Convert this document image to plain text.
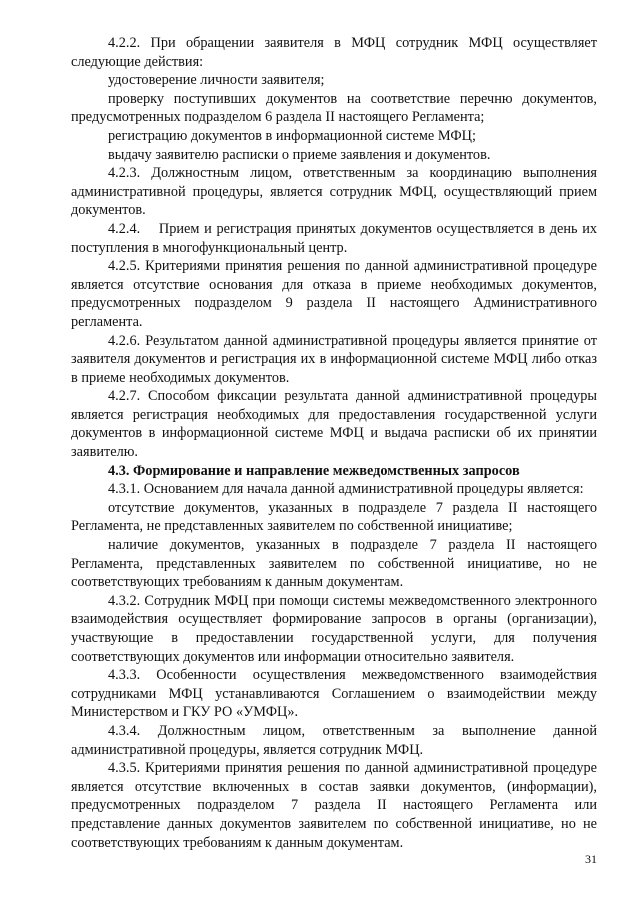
4.2.2. При обращении заявителя в МФЦ сотрудник МФЦ осуществляет следующие действия:

удостоверение личности заявителя;

проверку поступивших документов на соответствие перечню документов, предусмотренных подразделом 6 раздела II настоящего Регламента;

регистрацию документов в информационной системе МФЦ;

выдачу заявителю расписки о приеме заявления и документов.

4.2.3. Должностным лицом, ответственным за координацию выполнения административной процедуры, является сотрудник МФЦ, осуществляющий прием документов.

4.2.4.    Прием и регистрация принятых документов осуществляется в день их поступления в многофункциональный центр.

4.2.5. Критериями принятия решения по данной административной процедуре является отсутствие основания для отказа в приеме необходимых документов, предусмотренных подразделом 9 раздела II настоящего Административного регламента.

4.2.6. Результатом данной административной процедуры является принятие от заявителя документов и регистрация их в информационной системе МФЦ либо отказ в приеме необходимых документов.

4.2.7. Способом фиксации результата данной административной процедуры является регистрация необходимых для предоставления государственной услуги документов в информационной системе МФЦ и выдача расписки об их принятии заявителю.

4.3. Формирование и направление межведомственных запросов

4.3.1. Основанием для начала данной административной процедуры является:

отсутствие документов, указанных в подразделе 7 раздела II настоящего Регламента, не представленных заявителем по собственной инициативе;

наличие документов, указанных в подразделе 7 раздела II настоящего Регламента, представленных заявителем по собственной инициативе, но не соответствующих требованиям к данным документам.

4.3.2. Сотрудник МФЦ при помощи системы межведомственного электронного взаимодействия осуществляет формирование запросов в органы (организации), участвующие в предоставлении государственной услуги, для получения соответствующих документов или информации относительно заявителя.

4.3.3. Особенности осуществления межведомственного взаимодействия сотрудниками МФЦ устанавливаются Соглашением о взаимодействии между Министерством и ГКУ РО «УМФЦ».

4.3.4. Должностным лицом, ответственным за выполнение данной административной процедуры, является сотрудник МФЦ.

4.3.5. Критериями принятия решения по данной административной процедуре является отсутствие включенных в состав заявки документов, (информации), предусмотренных подразделом 7 раздела II настоящего Регламента или представление данных документов заявителем по собственной инициативе, но не соответствующих требованиям к данным документам.

31
